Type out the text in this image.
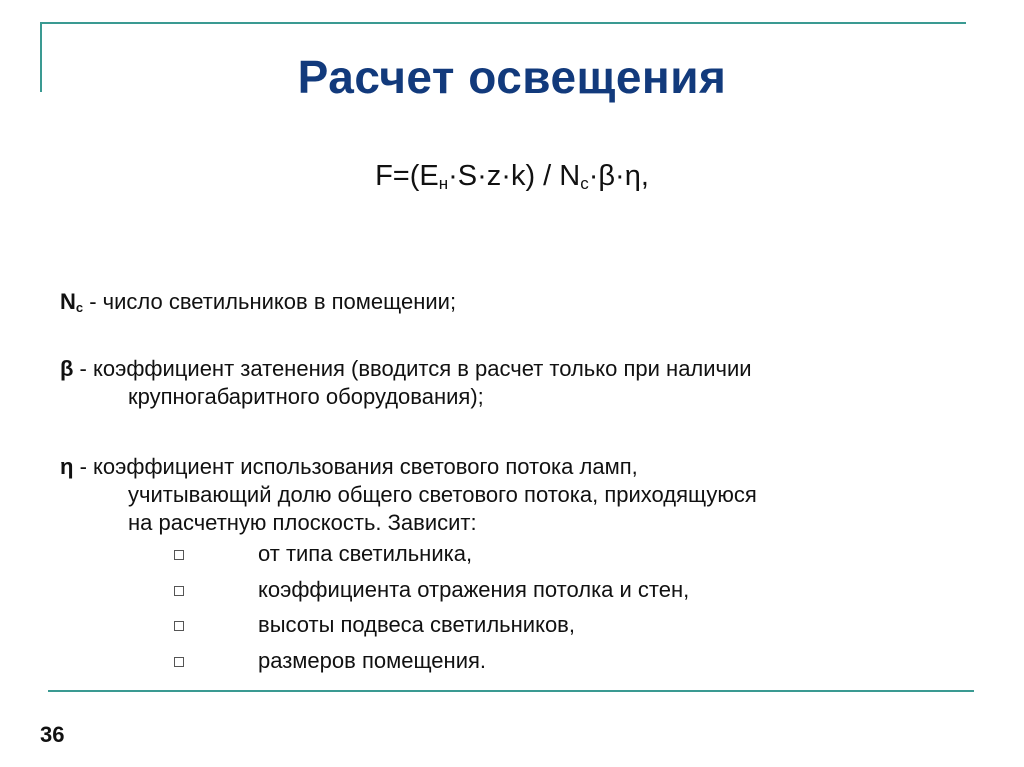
Расчет освещения
$F=(E_н\cdot S\cdot z\cdot k) / N_с\cdot\beta\cdot\eta$,
$N_с$ - число светильников в помещении;
β - коэффициент затенения (вводится в расчет только при наличии
крупногабаритного оборудования);
η - коэффициент использования светового потока ламп,
учитывающий долю общего светового потока, приходящуюся
на расчетную плоскость. Зависит:
от типа светильника,
коэффициента отражения потолка и стен,
высоты подвеса светильников,
размеров помещения.
36
